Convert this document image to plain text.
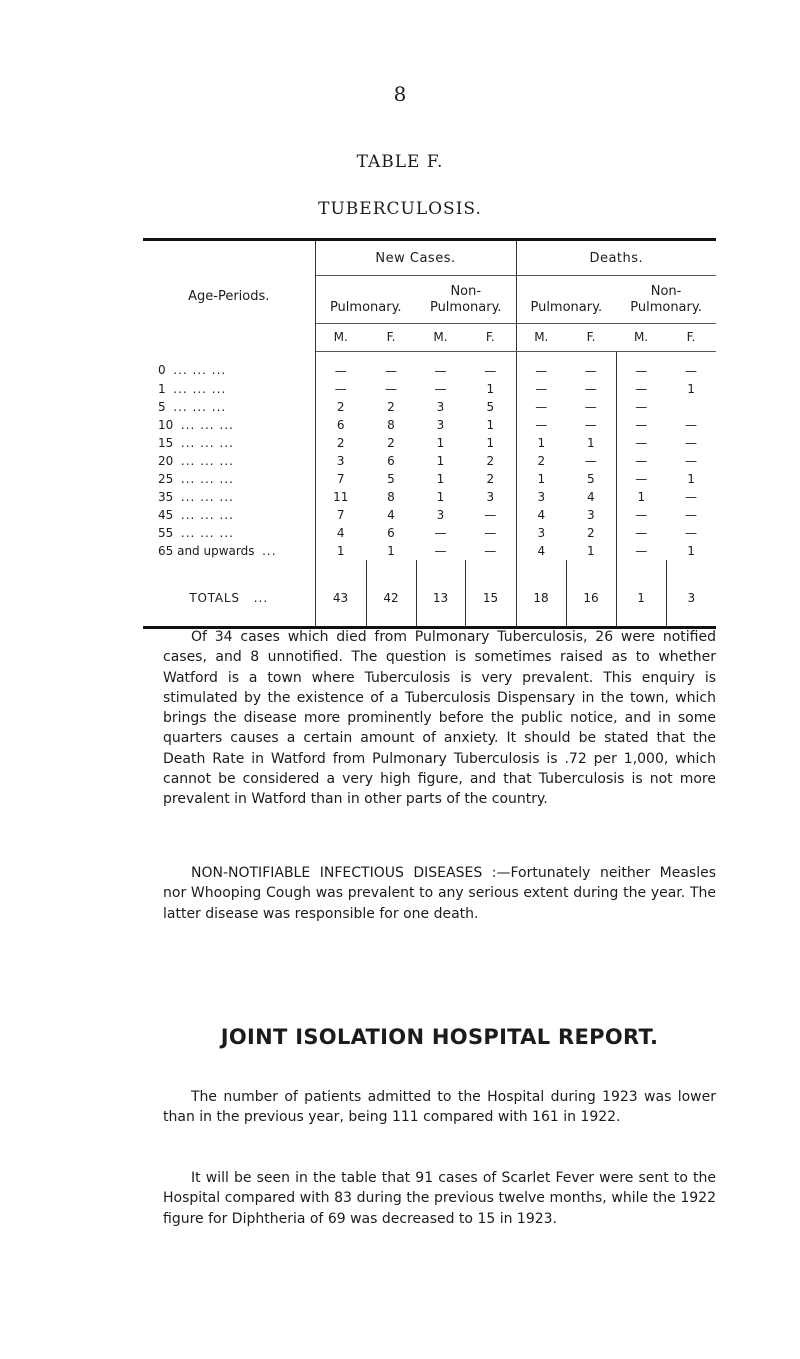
8
TABLE F.
TUBERCULOSIS.
Age-Periods.	New Cases.				Deaths.			

Pulmonary.		Non-
Pulmonary.		Pulmonary.		Non-
Pulmonary.	
	M.	F.	M.	F.	M.	F.	M.	F.
0 ... ... ...	—	—	—	—	—	—	—	—
1 ... ... ...	—	—	—	1	—	—	—	1
5 ... ... ...	2	2	3	5	—	—	—	
10 ... ... ...	6	8	3	1	—	—	—	—
15 ... ... ...	2	2	1	1	1	1	—	—
20 ... ... ...	3	6	1	2	2	—	—	—
25 ... ... ...	7	5	1	2	1	5	—	1
35 ... ... ...	11	8	1	3	3	4	1	—
45 ... ... ...	7	4	3	—	4	3	—	—
55 ... ... ...	4	6	—	—	3	2	—	—
65 and upwards ...	1	1	—	—	4	1	—	1
TOTALS ...	43	42	13	15	18	16	1	3

Of 34 cases which died from Pulmonary Tuberculosis, 26 were notified cases, and 8 unnotified. The question is sometimes raised as to whether Watford is a town where Tuberculosis is very prevalent. This enquiry is stimulated by the existence of a Tuberculosis Dispensary in the town, which brings the disease more prominently before the public notice, and in some quarters causes a certain amount of anxiety. It should be stated that the Death Rate in Watford from Pulmonary Tuberculosis is .72 per 1,000, which cannot be considered a very high figure, and that Tuberculosis is not more prevalent in Watford than in other parts of the country.

NON-NOTIFIABLE INFECTIOUS DISEASES :—Fortunately neither Measles nor Whooping Cough was prevalent to any serious extent during the year. The latter disease was responsible for one death.

JOINT ISOLATION HOSPITAL REPORT.

The number of patients admitted to the Hospital during 1923 was lower than in the previous year, being 111 compared with 161 in 1922.

It will be seen in the table that 91 cases of Scarlet Fever were sent to the Hospital compared with 83 during the previous twelve months, while the 1922 figure for Diphtheria of 69 was decreased to 15 in 1923.
